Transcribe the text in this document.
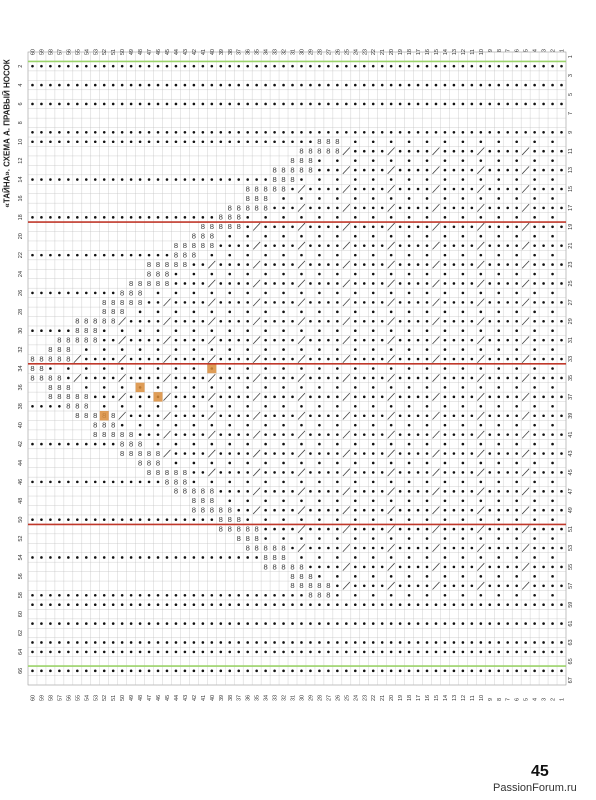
«ТАЙНА». СХЕМА А. ПРАВЫЙ НОСОК	Ȣ
Ȣ
Ȣ
Ȣ
Ȣ
Ȣ
Ȣ
Ȣ
Ȣ
Ȣ
Ȣ
Ȣ
Ȣ
Ȣ
Ȣ
Ȣ
Ȣ
Ȣ
Ȣ
Ȣ
Ȣ
Ȣ
Ȣ
Ȣ
Ȣ
Ȣ
Ȣ
Ȣ
Ȣ
Ȣ
Ȣ
Ȣ
Ȣ
Ȣ
Ȣ
Ȣ
Ȣ
Ȣ
Ȣ
Ȣ
Ȣ
Ȣ
Ȣ
Ȣ
Ȣ
Ȣ
Ȣ
Ȣ
Ȣ
Ȣ
Ȣ
Ȣ
Ȣ
Ȣ
Ȣ
Ȣ
Ȣ
Ȣ
Ȣ
Ȣ
Ȣ
Ȣ
Ȣ
Ȣ
Ȣ
Ȣ
Ȣ
Ȣ
Ȣ
Ȣ
Ȣ
Ȣ
Ȣ
Ȣ
Ȣ
Ȣ
Ȣ
Ȣ
Ȣ
Ȣ
Ȣ
Ȣ
Ȣ
Ȣ
Ȣ
Ȣ
Ȣ
Ȣ
Ȣ
Ȣ
Ȣ
Ȣ
Ȣ
Ȣ
Ȣ
Ȣ
Ȣ
Ȣ
Ȣ
Ȣ
Ȣ
Ȣ
Ȣ
Ȣ
Ȣ
Ȣ
Ȣ
Ȣ
Ȣ
Ȣ
Ȣ
Ȣ
Ȣ
Ȣ
Ȣ
Ȣ
Ȣ
Ȣ
Ȣ
Ȣ
Ȣ
Ȣ
Ȣ
Ȣ
Ȣ
Ȣ
Ȣ
Ȣ
Ȣ
Ȣ
Ȣ
Ȣ
Ȣ
Ȣ
Ȣ
Ȣ
Ȣ
Ȣ
Ȣ
Ȣ
Ȣ
Ȣ
Ȣ
Ȣ
Ȣ
Ȣ
Ȣ
Ȣ
Ȣ
Ȣ
Ȣ
Ȣ
Ȣ
Ȣ
Ȣ
Ȣ
Ȣ
Ȣ
Ȣ
Ȣ
Ȣ
Ȣ
Ȣ
Ȣ
Ȣ
Ȣ
Ȣ
Ȣ
Ȣ
Ȣ
Ȣ
Ȣ
Ȣ
Ȣ
Ȣ
Ȣ
Ȣ
Ȣ
Ȣ
Ȣ
Ȣ
Ȣ
Ȣ
Ȣ
Ȣ
Ȣ
Ȣ
Ȣ
Ȣ
Ȣ
Ȣ
Ȣ
60 59 58 57 56 55 54 53 52 51 50 49 48 47 46 45 44 43 42 41 40 39 38 37 36 35 34 33 32 31 30 29 28 27 26 25 24 23 22 21 20 19 18 17 16 15 14 13 12 11 10 9 8 7 6 5 4 3 2 1
60 59 58 57 56 55 54 53 52 51 50 49 48 47 46 45 44 43 42 41 40 39 38 37 36 35 34 33 32 31 30 29 28 27 26 25 24 23 22 21 20 19 18 17 16 15 14 13 12 11 10 9 8 7 6 5 4 3 2 1
2
4
6
8
10
12
14
16
18
20
22
24
26
28
30
32
34
36
38
40
42
44
46
48
50
52
54
56
58
60
62
64
66
1
3
5
7
9
11
13
15
17
19
21
23
25
27
29
31
33
35
37
39
41
43
45
47
49
51
53
55
57
59
61
63
65
67
45
PassionForum.ru
